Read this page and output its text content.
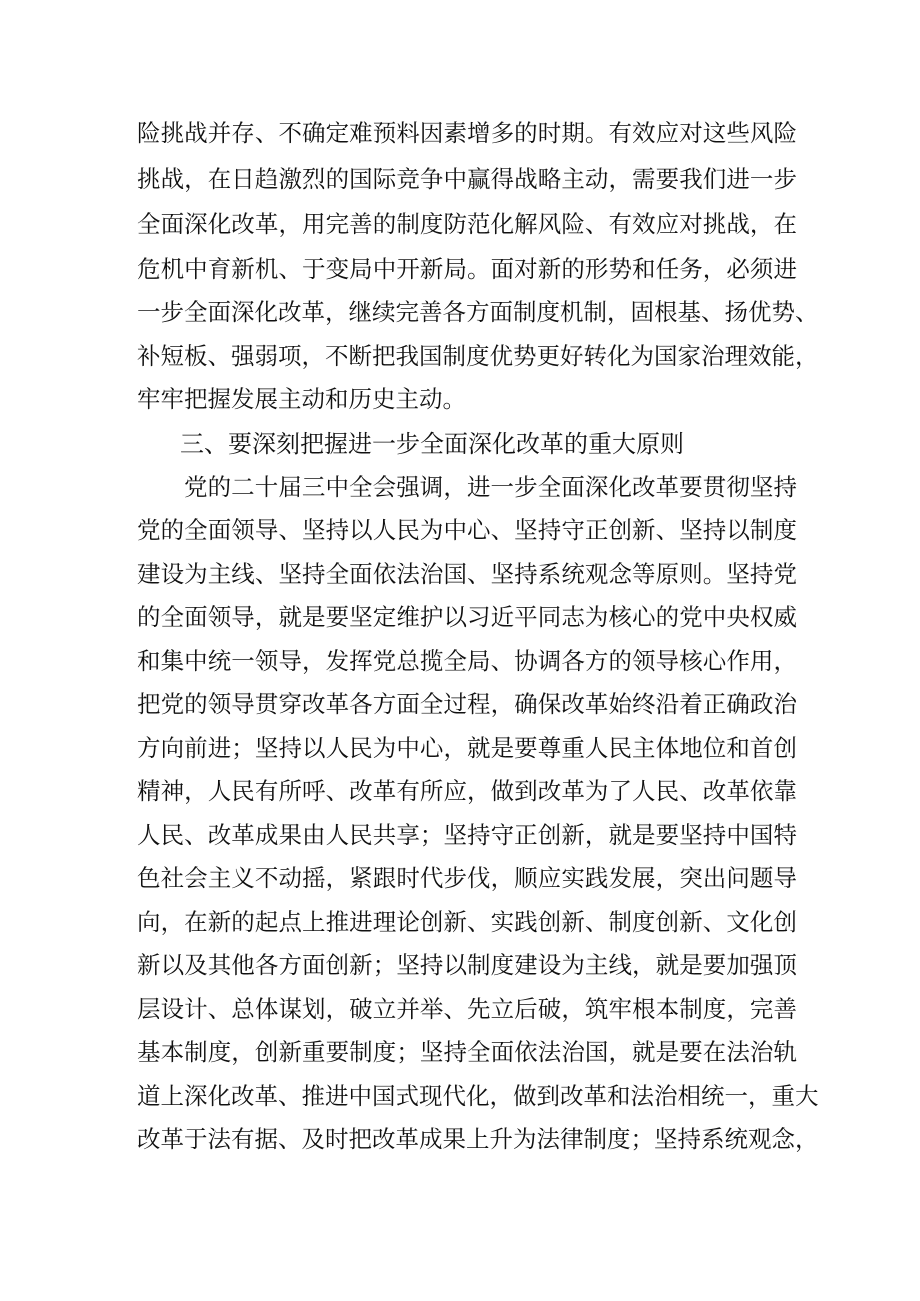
险挑战并存、不确定难预料因素增多的时期。有效应对这些风险
挑战，在日趋激烈的国际竞争中赢得战略主动，需要我们进一步
全面深化改革，用完善的制度防范化解风险、有效应对挑战，在
危机中育新机、于变局中开新局。面对新的形势和任务，必须进
一步全面深化改革，继续完善各方面制度机制，固根基、扬优势、
补短板、强弱项，不断把我国制度优势更好转化为国家治理效能，
牢牢把握发展主动和历史主动。
三、要深刻把握进一步全面深化改革的重大原则
党的二十届三中全会强调，进一步全面深化改革要贯彻坚持
党的全面领导、坚持以人民为中心、坚持守正创新、坚持以制度
建设为主线、坚持全面依法治国、坚持系统观念等原则。坚持党
的全面领导，就是要坚定维护以习近平同志为核心的党中央权威
和集中统一领导，发挥党总揽全局、协调各方的领导核心作用，
把党的领导贯穿改革各方面全过程，确保改革始终沿着正确政治
方向前进；坚持以人民为中心，就是要尊重人民主体地位和首创
精神，人民有所呼、改革有所应，做到改革为了人民、改革依靠
人民、改革成果由人民共享；坚持守正创新，就是要坚持中国特
色社会主义不动摇，紧跟时代步伐，顺应实践发展，突出问题导
向，在新的起点上推进理论创新、实践创新、制度创新、文化创
新以及其他各方面创新；坚持以制度建设为主线，就是要加强顶
层设计、总体谋划，破立并举、先立后破，筑牢根本制度，完善
基本制度，创新重要制度；坚持全面依法治国，就是要在法治轨
道上深化改革、推进中国式现代化，做到改革和法治相统一，重大
改革于法有据、及时把改革成果上升为法律制度；坚持系统观念，
